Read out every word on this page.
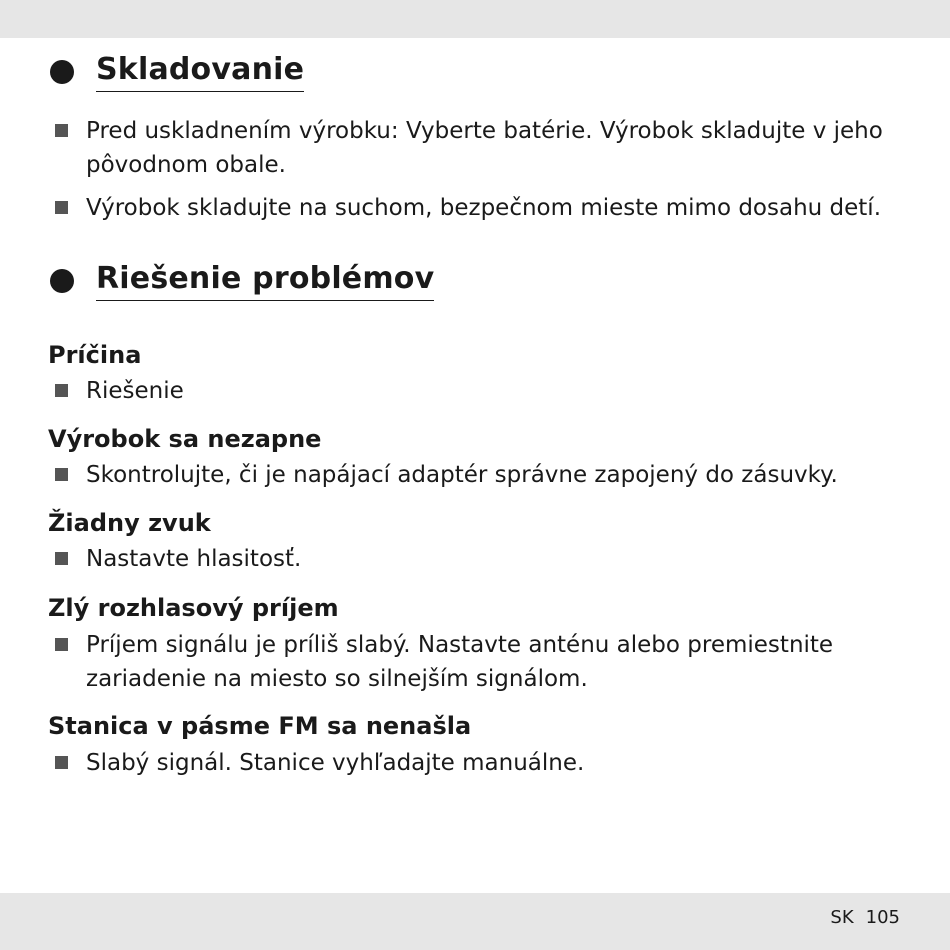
Skladovanie
Pred uskladnením výrobku: Vyberte batérie. Výrobok skladujte v jeho pôvodnom obale.
Výrobok skladujte na suchom, bezpečnom mieste mimo dosahu detí.
Riešenie problémov
Príčina
Riešenie
Výrobok sa nezapne
Skontrolujte, či je napájací adaptér správne zapojený do zásuvky.
Žiadny zvuk
Nastavte hlasitosť.
Zlý rozhlasový príjem
Príjem signálu je príliš slabý. Nastavte anténu alebo premiestnite zariadenie na miesto so silnejším signálom.
Stanica v pásme FM sa nenašla
Slabý signál. Stanice vyhľadajte manuálne.
SK 105
